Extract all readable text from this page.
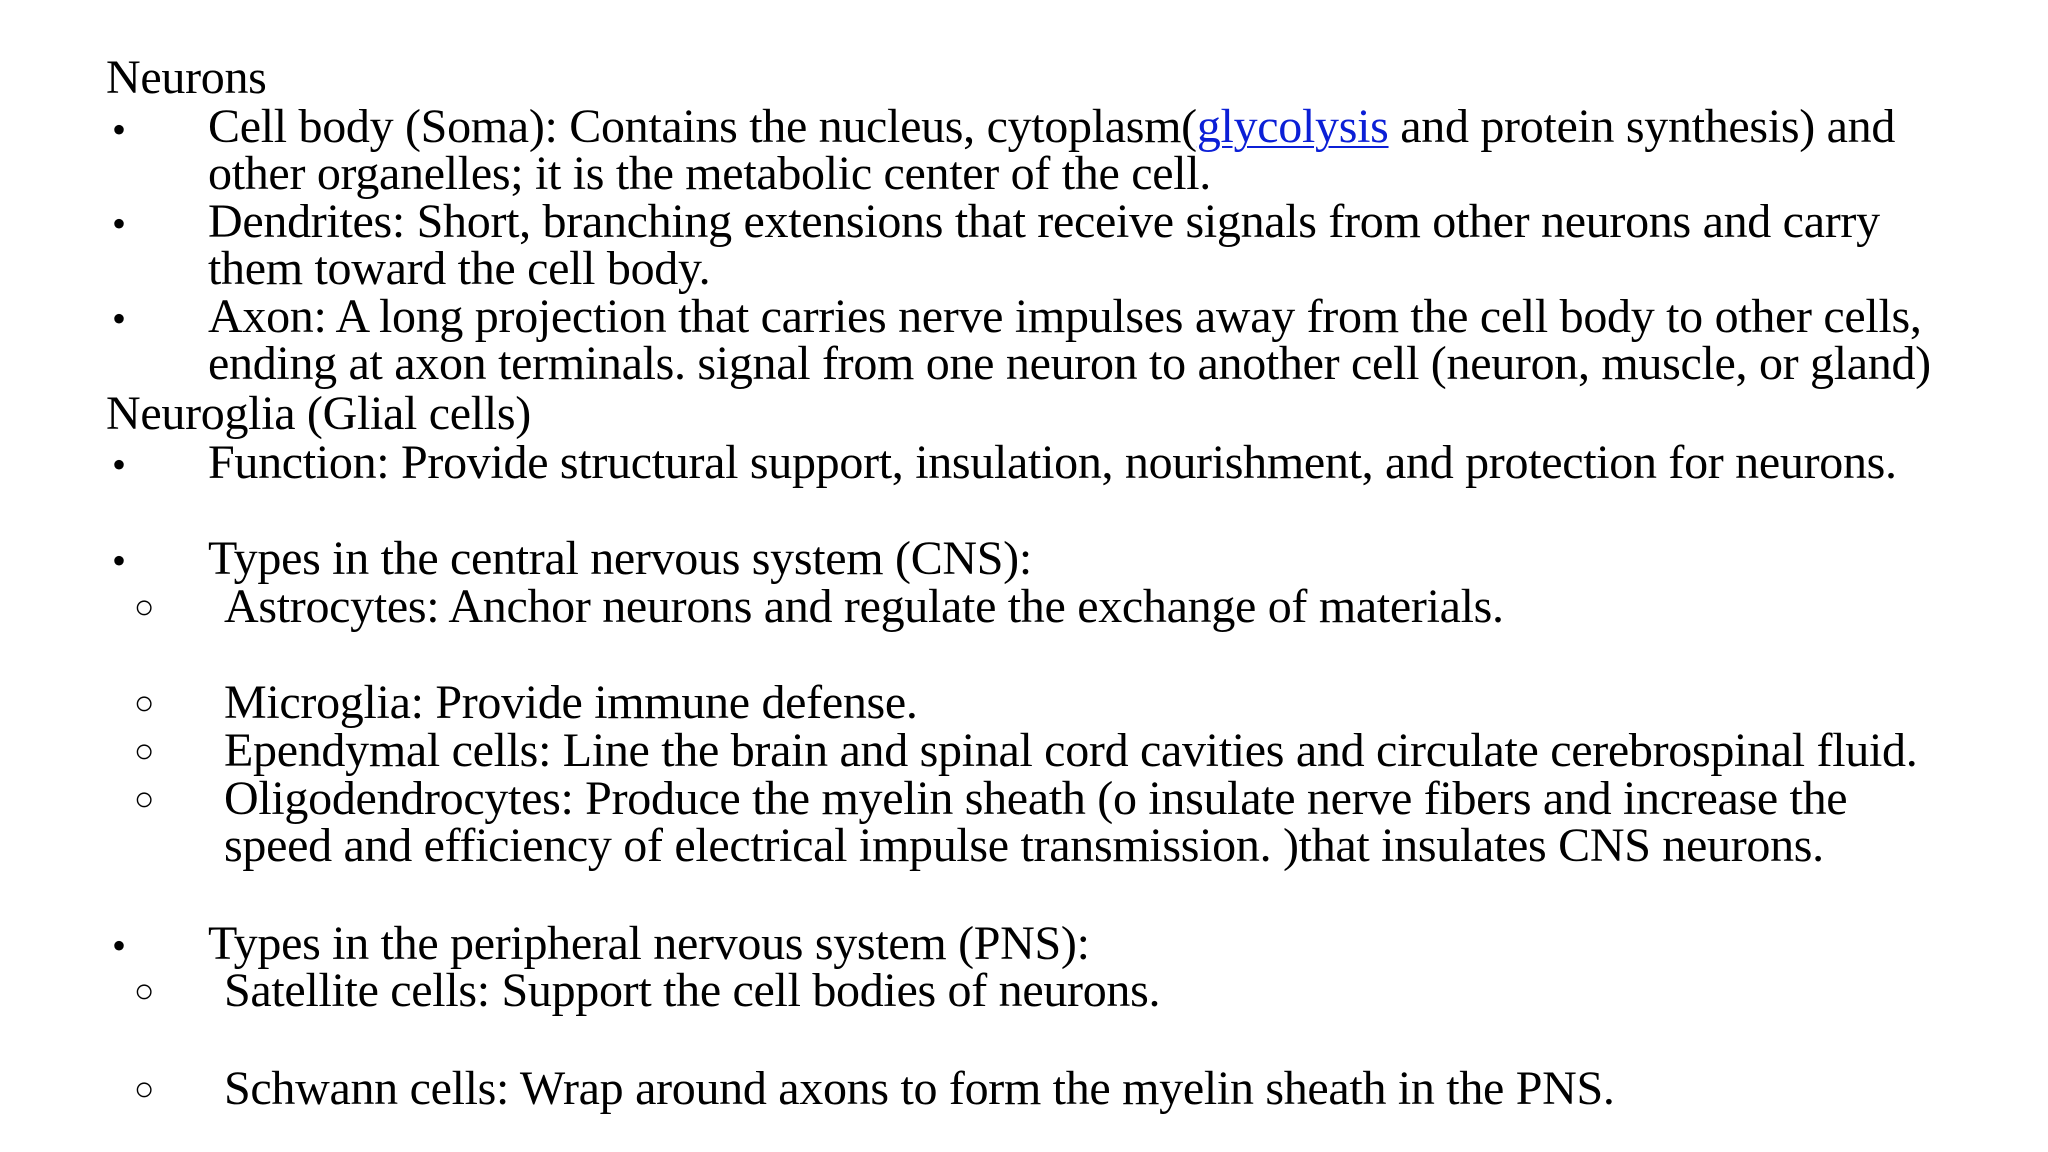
Neurons
• Cell body (Soma): Contains the nucleus, cytoplasm(glycolysis and protein synthesis) and
other organelles; it is the metabolic center of the cell.
• Dendrites: Short, branching extensions that receive signals from other neurons and carry
them toward the cell body.
• Axon: A long projection that carries nerve impulses away from the cell body to other cells,
ending at axon terminals. signal from one neuron to another cell (neuron, muscle, or gland)
Neuroglia (Glial cells)
• Function: Provide structural support, insulation, nourishment, and protection for neurons.
• Types in the central nervous system (CNS):
○ Astrocytes: Anchor neurons and regulate the exchange of materials.
○ Microglia: Provide immune defense.
○ Ependymal cells: Line the brain and spinal cord cavities and circulate cerebrospinal fluid.
○ Oligodendrocytes: Produce the myelin sheath (o insulate nerve fibers and increase the
speed and efficiency of electrical impulse transmission. )that insulates CNS neurons.
• Types in the peripheral nervous system (PNS):
○ Satellite cells: Support the cell bodies of neurons.
○ Schwann cells: Wrap around axons to form the myelin sheath in the PNS.
